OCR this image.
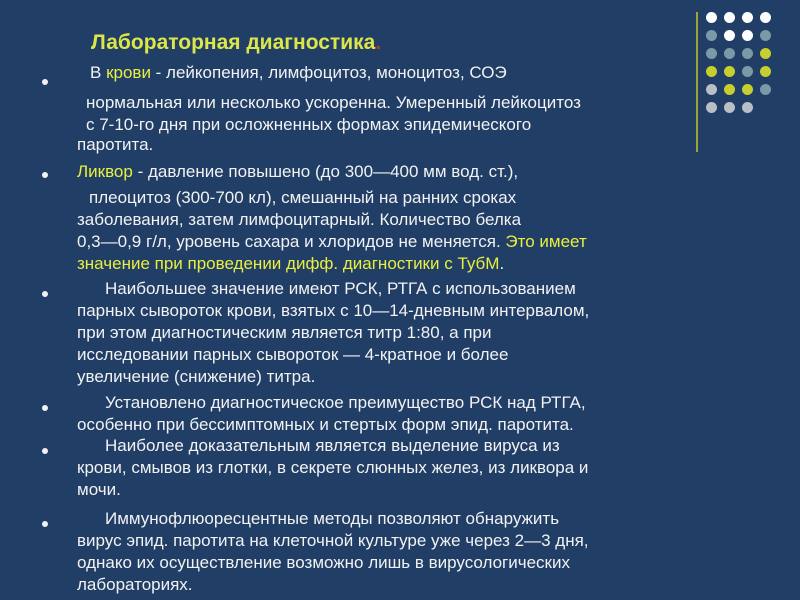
Лабораторная диагностика.
В крови - лейкопения, лимфоцитоз, моноцитоз, СОЭ
нормальная или несколько ускоренна. Умеренный лейкоцитоз
с 7-10-го дня при осложненных формах эпидемического
паротита.
Ликвор - давление повышено (до 300—400 мм вод. ст.),
плеоцитоз (300-700 кл), смешанный на ранних сроках
заболевания, затем лимфоцитарный. Количество белка
0,3—0,9 г/л, уровень сахара и хлоридов не меняется. Это имеет
значение при проведении дифф. диагностики с ТубМ.
Наибольшее значение имеют РСК, РТГА с использованием
парных сывороток крови, взятых с 10—14-дневным интервалом,
при этом диагностическим является титр 1:80, а при
исследовании парных сывороток — 4-кратное и более
увеличение (снижение) титра.
Установлено диагностическое преимущество РСК над РТГА,
особенно при бессимптомных и стертых форм эпид. паротита.
Наиболее доказательным является выделение вируса из
крови, смывов из глотки, в секрете слюнных желез, из ликвора и
мочи.
Иммунофлюоресцентные методы позволяют обнаружить
вирус эпид. паротита на клеточной культуре уже через 2—3 дня,
однако их осуществление возможно лишь в вирусологических
лабораториях.
